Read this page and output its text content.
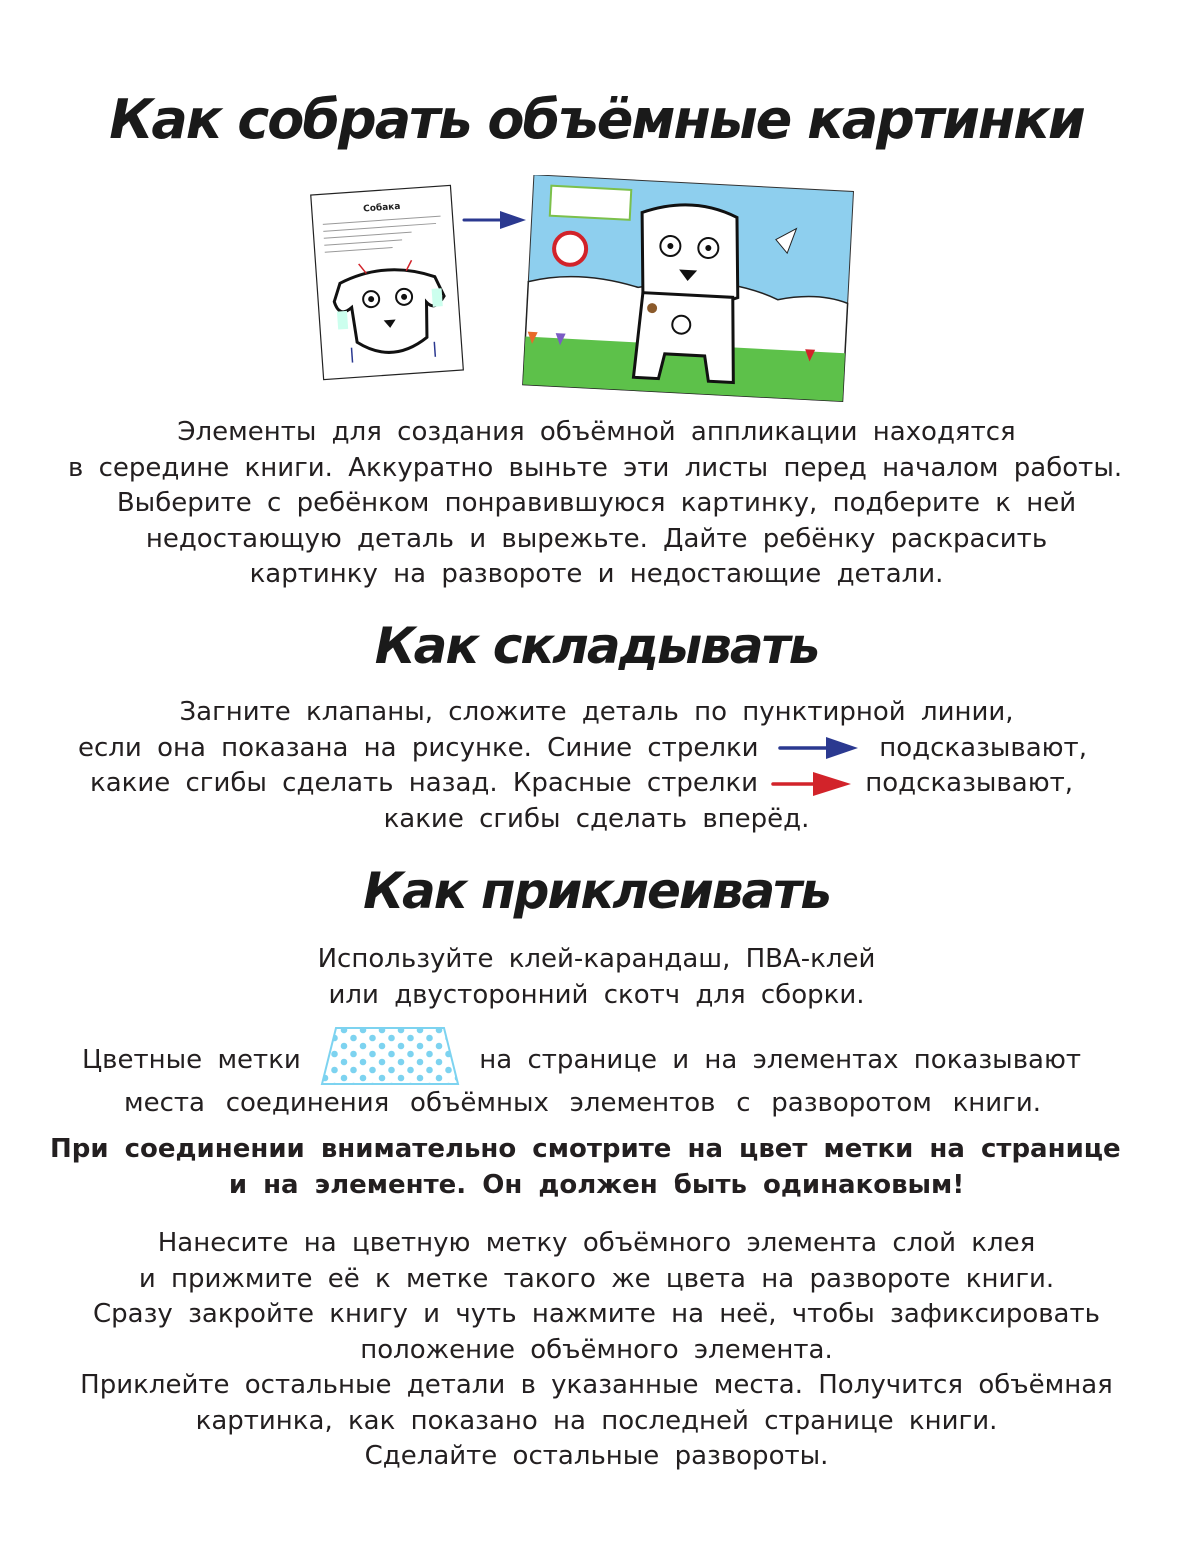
Как собрать объёмные картинки
Собака
Элементы для создания объёмной аппликации находятся
в середине книги. Аккуратно выньте эти листы перед началом работы.
Выберите с ребёнком понравившуюся картинку, подберите к ней
недостающую деталь и вырежьте. Дайте ребёнку раскрасить
картинку на развороте и недостающие детали.
Как складывать
Загните клапаны, сложите деталь по пунктирной линии,
если она показана на рисунке. Синие стрелки	подсказывают,
какие сгибы сделать назад. Красные стрелки	подсказывают,
какие сгибы сделать вперёд.
Как приклеивать
Используйте клей-карандаш, ПВА-клей
или двусторонний скотч для сборки.
Цветные метки	на странице и на элементах показывают
места соединения объёмных элементов с разворотом книги.
При соединении внимательно смотрите на цвет метки на странице
и на элементе. Он должен быть одинаковым!
Нанесите на цветную метку объёмного элемента слой клея
и прижмите её к метке такого же цвета на развороте книги.
Сразу закройте книгу и чуть нажмите на неё, чтобы зафиксировать
положение объёмного элемента.
Приклейте остальные детали в указанные места. Получится объёмная
картинка, как показано на последней странице книги.
Сделайте остальные развороты.
